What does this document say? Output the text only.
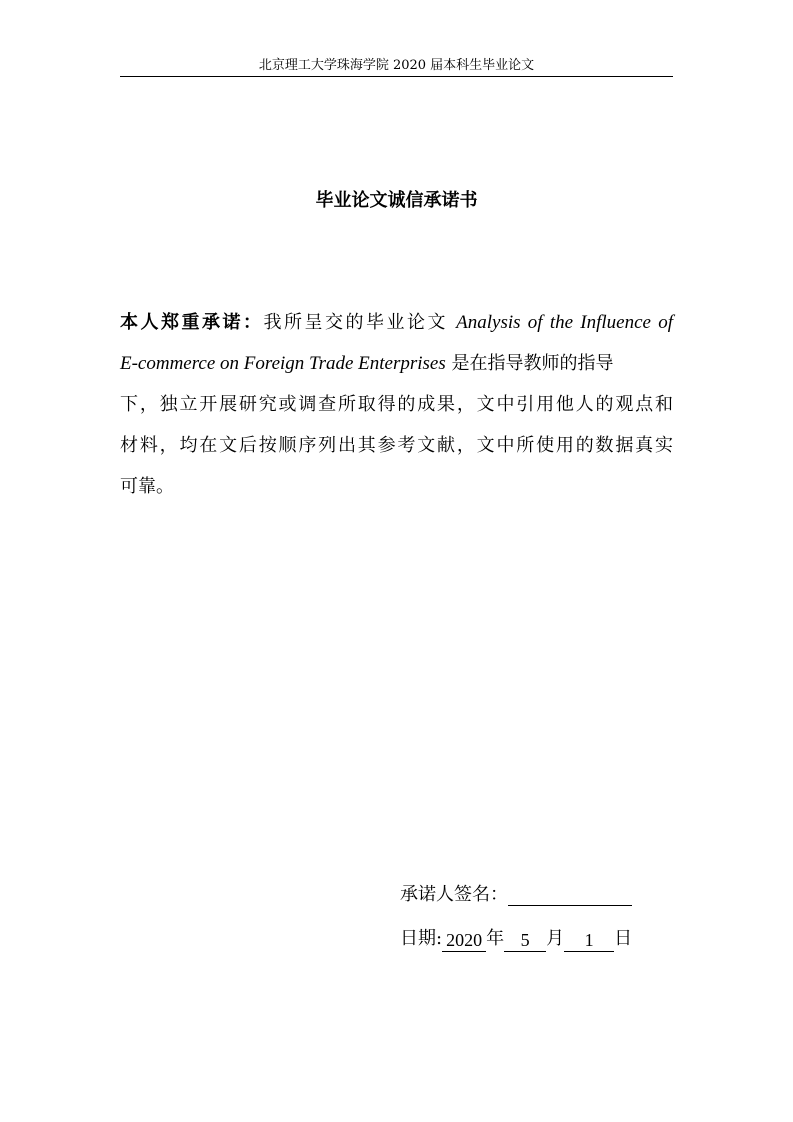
北京理工大学珠海学院 2020 届本科生毕业论文
毕业论文诚信承诺书
本人郑重承诺：我所呈交的毕业论文 Analysis of the Influence of
E-commerce on Foreign Trade Enterprises 是在指导教师的指导
下，独立开展研究或调查所取得的成果，文中引用他人的观点和
材料，均在文后按顺序列出其参考文献，文中所使用的数据真实
可靠。
承诺人签名：
日期: 2020 年 5 月 1 日
